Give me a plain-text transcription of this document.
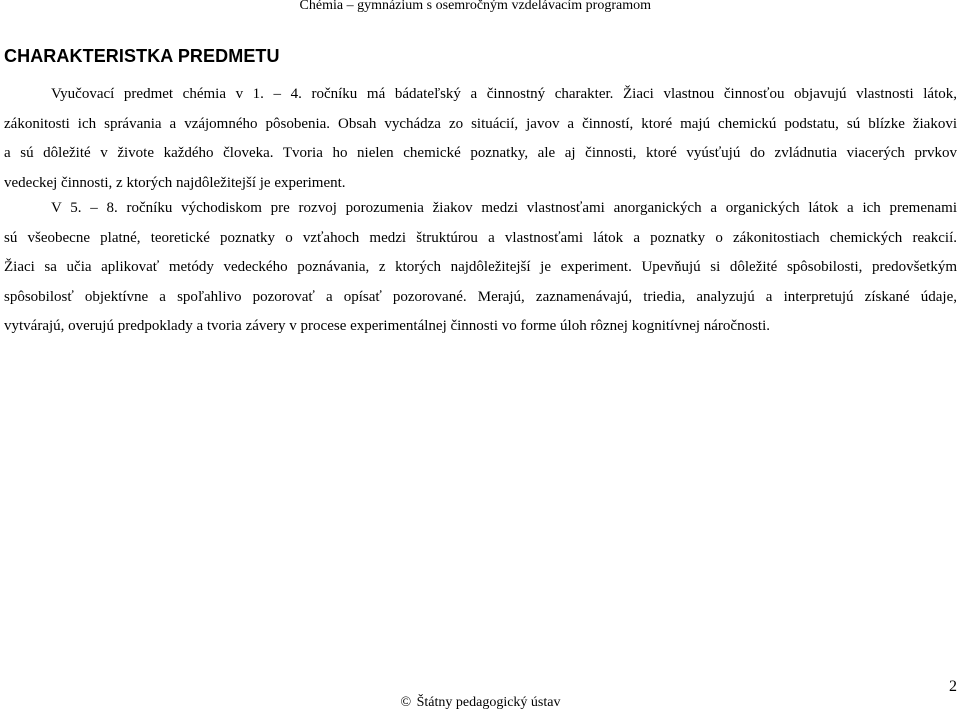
Chémia – gymnázium s osemročným vzdelávacím programom
CHARAKTERISTKA PREDMETU
Vyučovací predmet chémia v 1. – 4. ročníku má bádateľský a činnostný charakter. Žiaci vlastnou činnosťou objavujú vlastnosti látok,
zákonitosti ich správania a vzájomného pôsobenia. Obsah vychádza zo situácií, javov a činností, ktoré majú chemickú podstatu, sú blízke žiakovi
a sú dôležité v živote každého človeka. Tvoria ho nielen chemické poznatky, ale aj činnosti, ktoré vyúsťujú do zvládnutia viacerých prvkov
vedeckej činnosti, z ktorých najdôležitejší je experiment.
V 5. – 8. ročníku východiskom pre rozvoj porozumenia žiakov medzi vlastnosťami anorganických a organických látok a ich premenami
sú všeobecne platné, teoretické poznatky o vzťahoch medzi štruktúrou a vlastnosťami látok a poznatky o zákonitostiach chemických reakcií.
Žiaci sa učia aplikovať metódy vedeckého poznávania, z ktorých najdôležitejší je experiment. Upevňujú si dôležité spôsobilosti, predovšetkým
spôsobilosť objektívne a spoľahlivo pozorovať a opísať pozorované. Merajú, zaznamenávajú, triedia, analyzujú a interpretujú získané údaje,
vytvárajú, overujú predpoklady a tvoria závery v procese experimentálnej činnosti vo forme úloh rôznej kognitívnej náročnosti.
© Štátny pedagogický ústav
2
